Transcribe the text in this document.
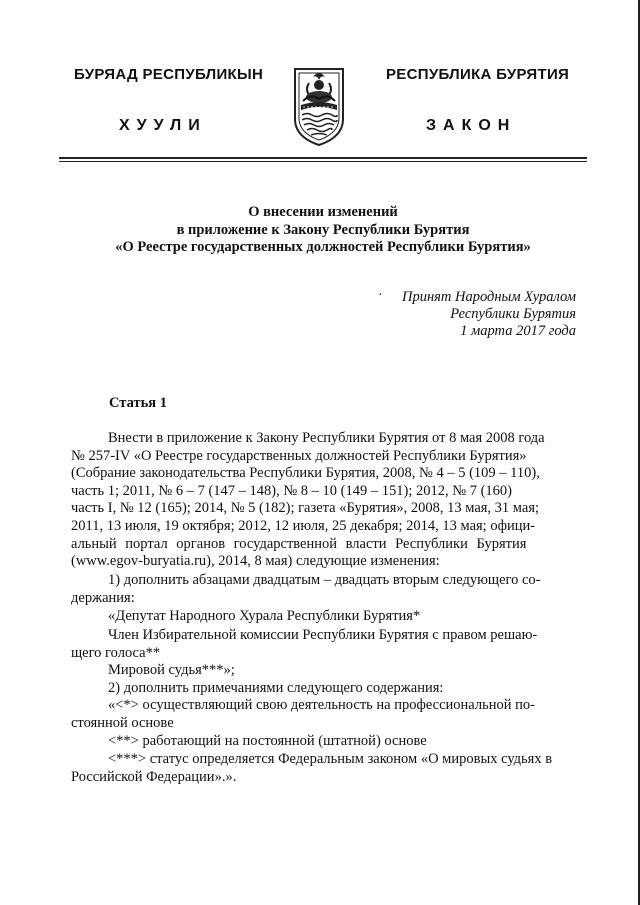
БУРЯАД РЕСПУБЛИКЫН	РЕСПУБЛИКА БУРЯТИЯ
ХУУЛИ	ЗАКОН
О внесении изменений
в приложение к Закону Республики Бурятия
«О Реестре государственных должностей Республики Бурятия»
·	Принят Народным Хуралом
Республики Бурятия
1 марта 2017 года
Статья 1
Внести в приложение к Закону Республики Бурятия от 8 мая 2008 года
№ 257-IV «О Реестре государственных должностей Республики Бурятия»
(Собрание законодательства Республики Бурятия, 2008, № 4 – 5 (109 – 110),
часть 1; 2011, № 6 – 7 (147 – 148), № 8 – 10 (149 – 151); 2012, № 7 (160)
часть I, № 12 (165); 2014, № 5 (182); газета «Бурятия», 2008, 13 мая, 31 мая;
2011, 13 июля, 19 октября; 2012, 12 июля, 25 декабря; 2014, 13 мая; офици-
альный портал органов государственной власти Республики Бурятия
(www.egov-buryatia.ru), 2014, 8 мая) следующие изменения:
1) дополнить абзацами двадцатым – двадцать вторым следующего со-
держания:
«Депутат Народного Хурала Республики Бурятия*
Член Избирательной комиссии Республики Бурятия с правом решаю-
щего голоса**
Мировой судья***»;
2) дополнить примечаниями следующего содержания:
«<*> осуществляющий свою деятельность на профессиональной по-
стоянной основе
<**> работающий на постоянной (штатной) основе
<***> статус определяется Федеральным законом «О мировых судьях в
Российской Федерации».».
